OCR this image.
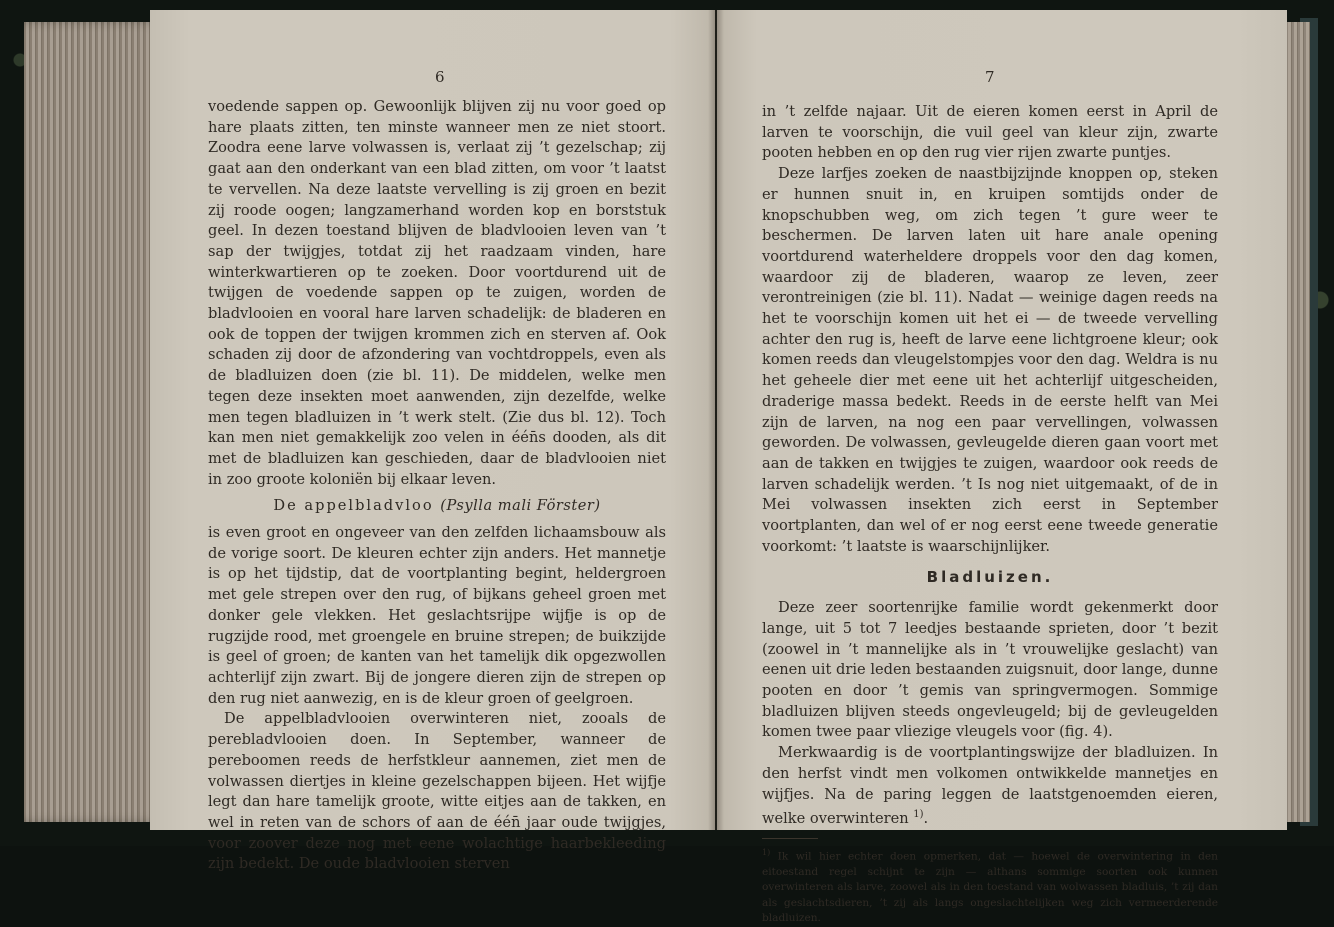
6

voedende sappen op. Gewoonlijk blijven zij nu voor goed op hare plaats zitten, ten minste wanneer men ze niet stoort. Zoodra eene larve volwassen is, verlaat zij ’t gezelschap; zij gaat aan den onderkant van een blad zitten, om voor ’t laatst te vervellen. Na deze laatste vervelling is zij groen en bezit zij roode oogen; langzamerhand worden kop en borststuk geel. In dezen toestand blijven de bladvlooien leven van ’t sap der twijgjes, totdat zij het raadzaam vinden, hare winterkwartieren op te zoeken. Door voortdurend uit de twijgen de voedende sappen op te zuigen, worden de bladvlooien en vooral hare larven schadelijk: de bladeren en ook de toppen der twijgen krommen zich en sterven af. Ook schaden zij door de afzondering van vochtdroppels, even als de bladluizen doen (zie bl. 11). De middelen, welke men tegen deze insekten moet aanwenden, zijn dezelfde, welke men tegen bladluizen in ’t werk stelt. (Zie dus bl. 12). Toch kan men niet gemakkelijk zoo velen in één̄s dooden, als dit met de bladluizen kan geschieden, daar de bladvlooien niet in zoo groote koloniën bij elkaar leven.

De appelbladvloo (Psylla mali Förster)

is even groot en ongeveer van den zelfden lichaamsbouw als de vorige soort. De kleuren echter zijn anders. Het mannetje is op het tijdstip, dat de voortplanting begint, heldergroen met gele strepen over den rug, of bijkans geheel groen met donker gele vlekken. Het geslachtsrijpe wijfje is op de rugzijde rood, met groengele en bruine strepen; de buikzijde is geel of groen; de kanten van het tamelijk dik opgezwollen achterlijf zijn zwart. Bij de jongere dieren zijn de strepen op den rug niet aanwezig, en is de kleur groen of geelgroen.

De appelbladvlooien overwinteren niet, zooals de perebladvlooien doen. In September, wanneer de pereboomen reeds de herfstkleur aannemen, ziet men de volwassen diertjes in kleine gezelschappen bijeen. Het wijfje legt dan hare tamelijk groote, witte eitjes aan de takken, en wel in reten van de schors of aan de één̄ jaar oude twijgjes, voor zoover deze nog met eene wolachtige haarbekleeding zijn bedekt. De oude bladvlooien sterven

7

in ’t zelfde najaar. Uit de eieren komen eerst in April de larven te voorschijn, die vuil geel van kleur zijn, zwarte pooten hebben en op den rug vier rijen zwarte puntjes.

Deze larfjes zoeken de naastbijzijnde knoppen op, steken er hunnen snuit in, en kruipen somtijds onder de knopschubben weg, om zich tegen ’t gure weer te beschermen. De larven laten uit hare anale opening voortdurend waterheldere droppels voor den dag komen, waardoor zij de bladeren, waarop ze leven, zeer verontreinigen (zie bl. 11). Nadat — weinige dagen reeds na het te voorschijn komen uit het ei — de tweede vervelling achter den rug is, heeft de larve eene lichtgroene kleur; ook komen reeds dan vleugelstompjes voor den dag. Weldra is nu het geheele dier met eene uit het achterlijf uitgescheiden, draderige massa bedekt. Reeds in de eerste helft van Mei zijn de larven, na nog een paar vervellingen, volwassen geworden. De volwassen, gevleugelde dieren gaan voort met aan de takken en twijgjes te zuigen, waardoor ook reeds de larven schadelijk werden. ’t Is nog niet uitgemaakt, of de in Mei volwassen insekten zich eerst in September voortplanten, dan wel of er nog eerst eene tweede generatie voorkomt: ’t laatste is waarschijnlijker.

Bladluizen.

Deze zeer soortenrijke familie wordt gekenmerkt door lange, uit 5 tot 7 leedjes bestaande sprieten, door ’t bezit (zoowel in ’t mannelijke als in ’t vrouwelijke geslacht) van eenen uit drie leden bestaanden zuigsnuit, door lange, dunne pooten en door ’t gemis van springvermogen. Sommige bladluizen blijven steeds ongevleugeld; bij de gevleugelden komen twee paar vliezige vleugels voor (fig. 4).

Merkwaardig is de voortplantingswijze der bladluizen. In den herfst vindt men volkomen ontwikkelde mannetjes en wijfjes. Na de paring leggen de laatstgenoemden eieren, welke overwinteren $^{1)}$.

$^{1)}$ Ik wil hier echter doen opmerken, dat — hoewel de overwintering in den eitoestand regel schijnt te zijn — althans sommige soorten ook kunnen overwinteren als larve, zoowel als in den toestand van wolwassen bladluis, ’t zij dan als geslachtsdieren, ’t zij als langs ongeslachtelijken weg zich vermeerderende bladluizen.
